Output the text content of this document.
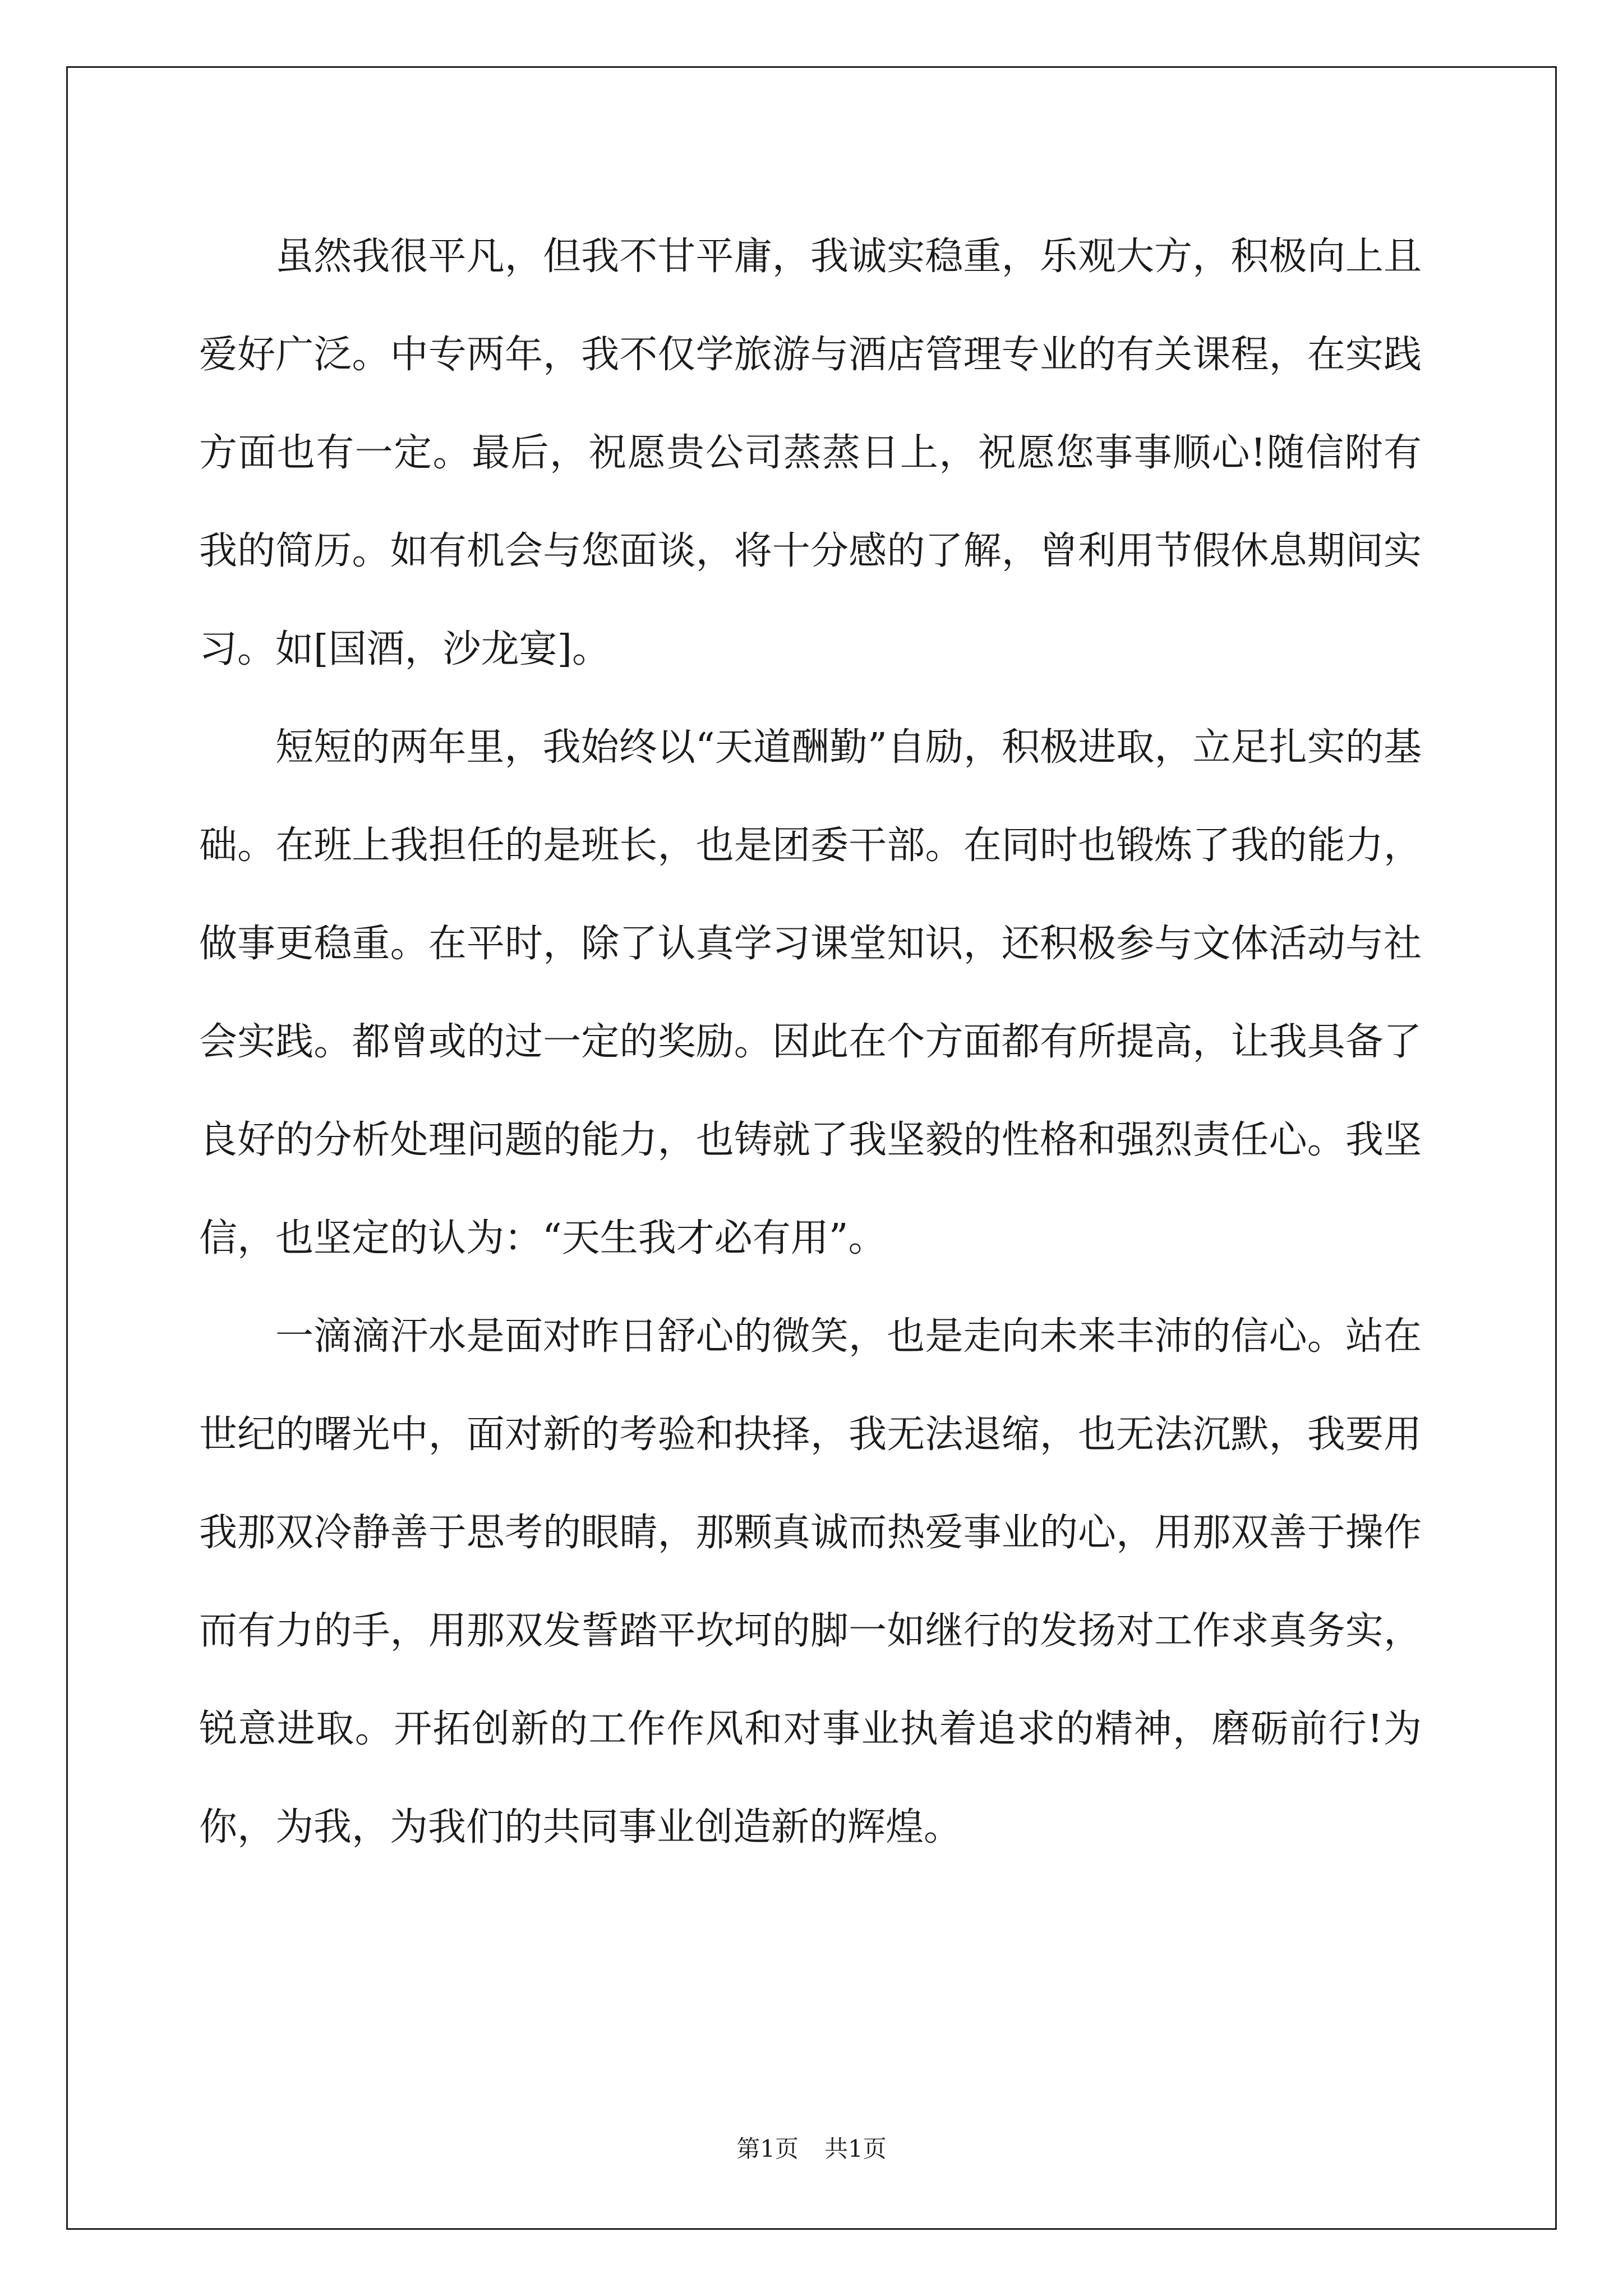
虽然我很平凡，但我不甘平庸，我诚实稳重，乐观大方，积极向上且爱好广泛。中专两年，我不仅学旅游与酒店管理专业的有关课程，在实践方面也有一定。最后，祝愿贵公司蒸蒸日上，祝愿您事事顺心!随信附有我的简历。如有机会与您面谈，将十分感的了解，曾利用节假休息期间实习。如[国酒，沙龙宴]。

短短的两年里，我始终以“天道酬勤”自励，积极进取，立足扎实的基础。在班上我担任的是班长，也是团委干部。在同时也锻炼了我的能力，做事更稳重。在平时，除了认真学习课堂知识，还积极参与文体活动与社会实践。都曾或的过一定的奖励。因此在个方面都有所提高，让我具备了良好的分析处理问题的能力，也铸就了我坚毅的性格和强烈责任心。我坚信，也坚定的认为：“天生我才必有用”。

一滴滴汗水是面对昨日舒心的微笑，也是走向未来丰沛的信心。站在世纪的曙光中，面对新的考验和抉择，我无法退缩，也无法沉默，我要用我那双冷静善于思考的眼睛，那颗真诚而热爱事业的心，用那双善于操作而有力的手，用那双发誓踏平坎坷的脚一如继行的发扬对工作求真务实，锐意进取。开拓创新的工作作风和对事业执着追求的精神，磨砺前行!为你，为我，为我们的共同事业创造新的辉煌。

第1页 共1页
